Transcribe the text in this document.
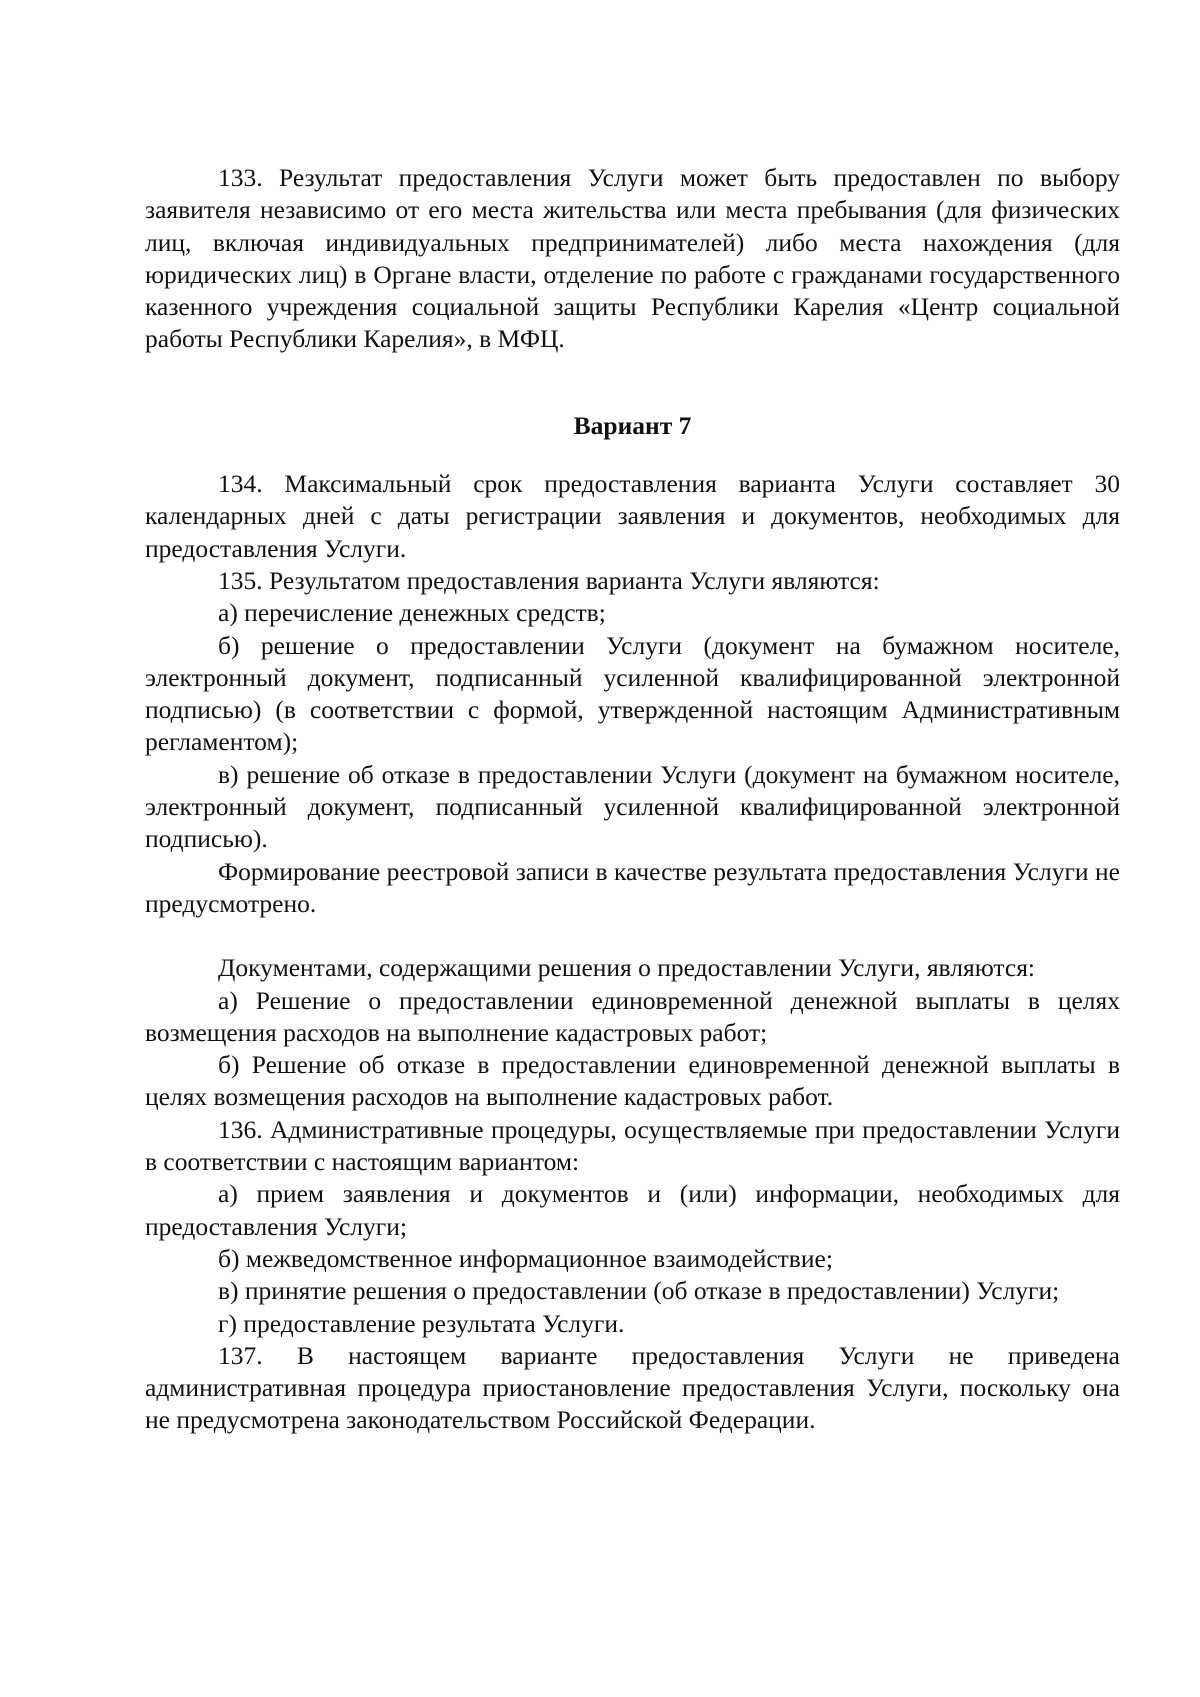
133. Результат предоставления Услуги может быть предоставлен по выбору заявителя независимо от его места жительства или места пребывания (для физических лиц, включая индивидуальных предпринимателей) либо места нахождения (для юридических лиц) в Органе власти, отделение по работе с гражданами государственного казенного учреждения социальной защиты Республики Карелия «Центр социальной работы Республики Карелия», в МФЦ.

Вариант 7

134. Максимальный срок предоставления варианта Услуги составляет 30 календарных дней с даты регистрации заявления и документов, необходимых для предоставления Услуги.

135. Результатом предоставления варианта Услуги являются:

а) перечисление денежных средств;

б) решение о предоставлении Услуги (документ на бумажном носителе, электронный документ, подписанный усиленной квалифицированной электронной подписью) (в соответствии с формой, утвержденной настоящим Административным регламентом);

в) решение об отказе в предоставлении Услуги (документ на бумажном носителе, электронный документ, подписанный усиленной квалифицированной электронной подписью).

Формирование реестровой записи в качестве результата предоставления Услуги не предусмотрено.

Документами, содержащими решения о предоставлении Услуги, являются:

а) Решение о предоставлении единовременной денежной выплаты в целях возмещения расходов на выполнение кадастровых работ;

б) Решение об отказе в предоставлении единовременной денежной выплаты в целях возмещения расходов на выполнение кадастровых работ.

136. Административные процедуры, осуществляемые при предоставлении Услуги в соответствии с настоящим вариантом:

а) прием заявления и документов и (или) информации, необходимых для предоставления Услуги;

б) межведомственное информационное взаимодействие;

в) принятие решения о предоставлении (об отказе в предоставлении) Услуги;

г) предоставление результата Услуги.

137. В настоящем варианте предоставления Услуги не приведена административная процедура приостановление предоставления Услуги, поскольку она не предусмотрена законодательством Российской Федерации.
